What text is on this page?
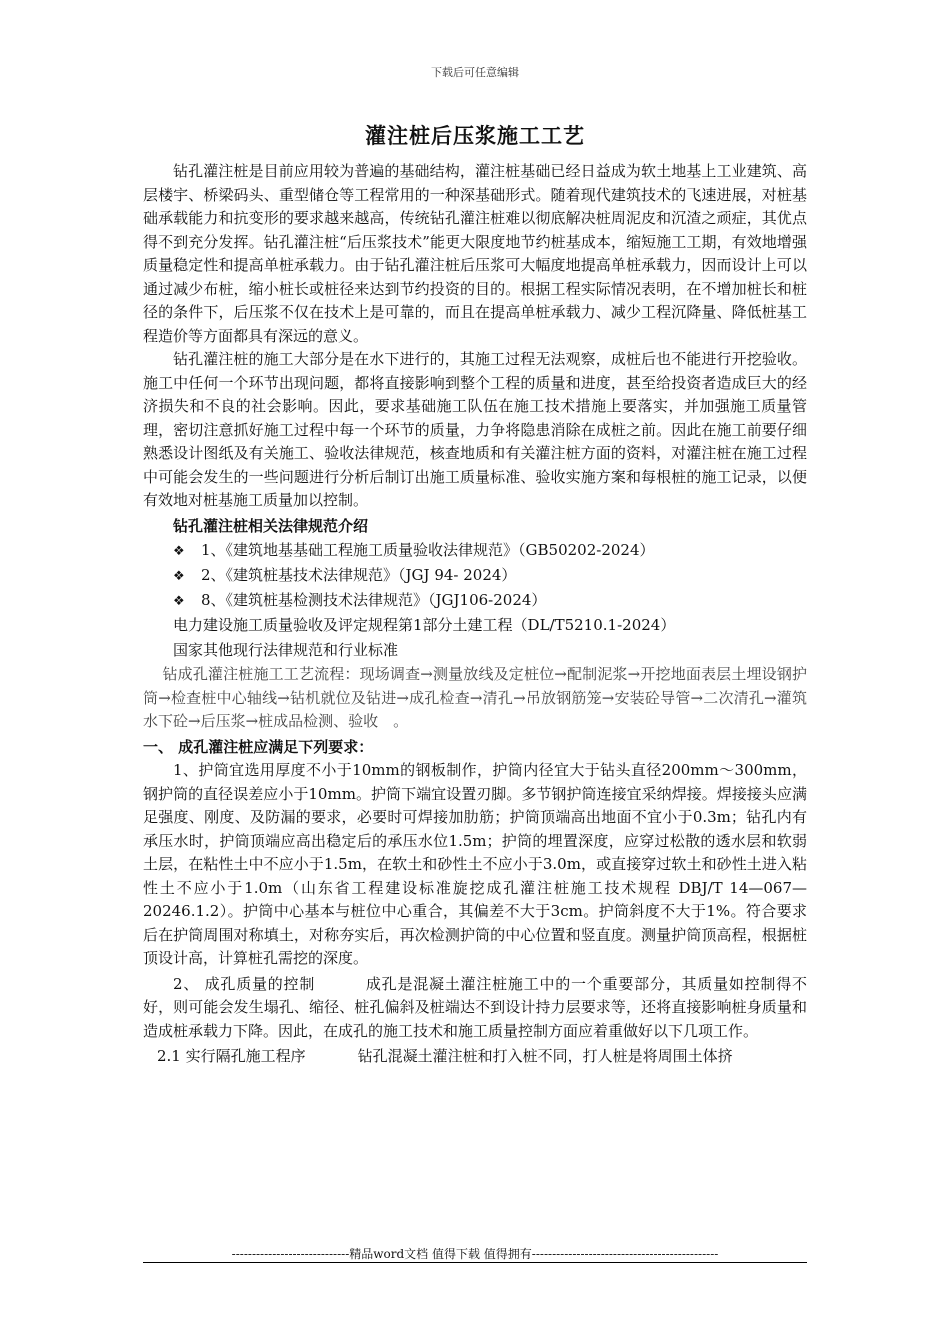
下载后可任意编辑
灌注桩后压浆施工工艺

钻孔灌注桩是目前应用较为普遍的基础结构，灌注桩基础已经日益成为软土地基上工业建筑、高层楼宇、桥梁码头、重型储仓等工程常用的一种深基础形式。随着现代建筑技术的飞速进展，对桩基础承载能力和抗变形的要求越来越高，传统钻孔灌注桩难以彻底解决桩周泥皮和沉渣之顽症，其优点得不到充分发挥。钻孔灌注桩“后压浆技术”能更大限度地节约桩基成本，缩短施工工期，有效地增强质量稳定性和提高单桩承载力。由于钻孔灌注桩后压浆可大幅度地提高单桩承载力，因而设计上可以通过减少布桩，缩小桩长或桩径来达到节约投资的目的。根据工程实际情况表明，在不增加桩长和桩径的条件下，后压浆不仅在技术上是可靠的，而且在提高单桩承载力、减少工程沉降量、降低桩基工程造价等方面都具有深远的意义。

钻孔灌注桩的施工大部分是在水下进行的，其施工过程无法观察，成桩后也不能进行开挖验收。施工中任何一个环节出现问题，都将直接影响到整个工程的质量和进度，甚至给投资者造成巨大的经济损失和不良的社会影响。因此，要求基础施工队伍在施工技术措施上要落实，并加强施工质量管理，密切注意抓好施工过程中每一个环节的质量，力争将隐患消除在成桩之前。因此在施工前要仔细熟悉设计图纸及有关施工、验收法律规范，核查地质和有关灌注桩方面的资料，对灌注桩在施工过程中可能会发生的一些问题进行分析后制订出施工质量标准、验收实施方案和每根桩的施工记录，以便有效地对桩基施工质量加以控制。

钻孔灌注桩相关法律规范介绍

❖ 1、《建筑地基基础工程施工质量验收法律规范》（GB50202-2024）
❖ 2、《建筑桩基技术法律规范》（JGJ 94- 2024）
❖ 8、《建筑桩基检测技术法律规范》（JGJ106-2024）

电力建设施工质量验收及评定规程第1部分土建工程（DL/T5210.1-2024）

国家其他现行法律规范和行业标准

钻成孔灌注桩施工工艺流程：现场调查→测量放线及定桩位→配制泥浆→开挖地面表层土埋设钢护筒→检查桩中心轴线→钻机就位及钻进→成孔检查→清孔→吊放钢筋笼→安装砼导管→二次清孔→灌筑水下砼→后压浆→桩成品检测、验收　。

一、 成孔灌注桩应满足下列要求：

1、护筒宜选用厚度不小于10mm的钢板制作，护筒内径宜大于钻头直径200mm～300mm，钢护筒的直径误差应小于10mm。护筒下端宜设置刃脚。多节钢护筒连接宜采纳焊接。焊接接头应满足强度、刚度、及防漏的要求，必要时可焊接加肋筋；护筒顶端高出地面不宜小于0.3m；钻孔内有承压水时，护筒顶端应高出稳定后的承压水位1.5m；护筒的埋置深度，应穿过松散的透水层和软弱土层，在粘性土中不应小于1.5m，在软土和砂性土不应小于3.0m，或直接穿过软土和砂性土进入粘性土不应小于1.0m（山东省工程建设标准旋挖成孔灌注桩施工技术规程 DBJ/T 14—067—20246.1.2）。护筒中心基本与桩位中心重合，其偏差不大于3cm。护筒斜度不大于1%。符合要求后在护筒周围对称填土，对称夯实后，再次检测护筒的中心位置和竖直度。测量护筒顶高程，根据桩顶设计高，计算桩孔需挖的深度。

2、 成孔质量的控制	成孔是混凝土灌注桩施工中的一个重要部分，其质量如控制得不好，则可能会发生塌孔、缩径、桩孔偏斜及桩端达不到设计持力层要求等，还将直接影响桩身质量和造成桩承载力下降。因此，在成孔的施工技术和施工质量控制方面应着重做好以下几项工作。

2.1 实行隔孔施工程序	钻孔混凝土灌注桩和打入桩不同，打人桩是将周围土体挤

-----------------------------精品word文档 值得下载 值得拥有----------------------------------------------
